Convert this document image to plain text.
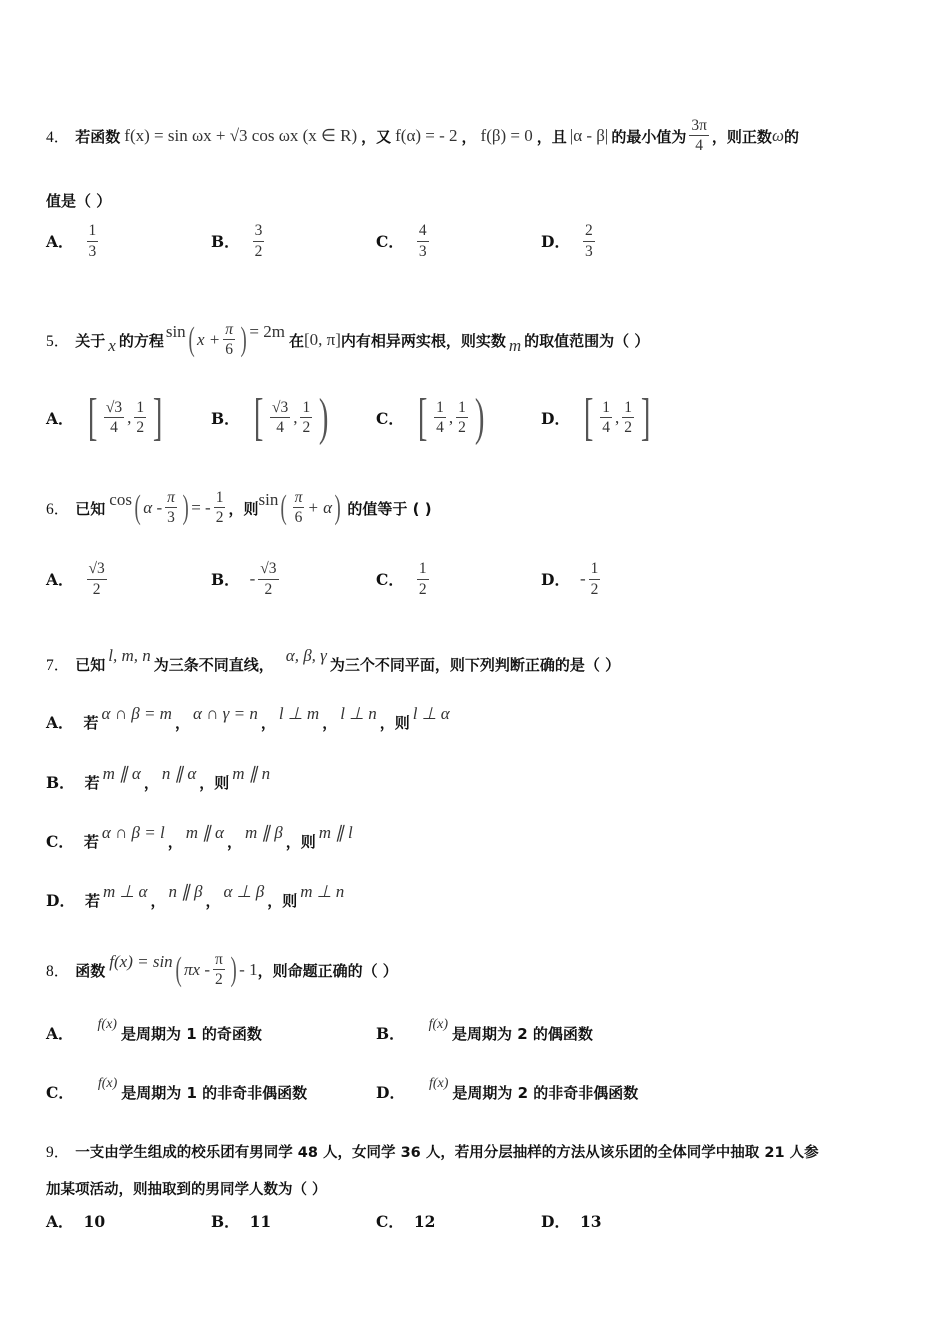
4． 若函数 f(x) = sin ωx + √3 cos ωx (x ∈ R) ，又 f(α) = - 2 ， f(β) = 0 ，且 |α - β| 的最小值为 $\frac{3\pi}{4}$ ，则正数 ω 的
值是（ ）
A． $\frac{1}{3}$	B． $\frac{3}{2}$	C． $\frac{4}{3}$	D． $\frac{2}{3}$
5． 关于 x 的方程 sin ( $x + \frac{\pi}{6}$ ) = 2m 在 [0, π] 内有相异两实根，则实数 m 的取值范围为（ ）
A． [ $\frac{√3}{4}$ , $\frac{1}{2}$ ]	B． [ $\frac{√3}{4}$ , $\frac{1}{2}$ )	C． [ $\frac{1}{4}$ , $\frac{1}{2}$ )	D． [ $\frac{1}{4}$ , $\frac{1}{2}$ ]
6． 已知 cos ( α - $\frac{\pi}{3}$ ) = - $\frac{1}{2}$ ，则 sin ( $\frac{\pi}{6} + \alpha$ ) 的值等于 ( )
A． $\frac{√3}{2}$	B． - $\frac{√3}{2}$	C． $\frac{1}{2}$	D． - $\frac{1}{2}$
7． 已知 l, m, n 为三条不同直线， α, β, γ 为三个不同平面，则下列判断正确的是（ ）
A． 若 α ∩ β = m ， α ∩ γ = n ， l ⊥ m ， l ⊥ n ，则 l ⊥ α
B． 若 m ∥ α ， n ∥ α ，则 m ∥ n
C． 若 α ∩ β = l ， m ∥ α ， m ∥ β ，则 m ∥ l
D． 若 m ⊥ α ， n ∥ β ， α ⊥ β ，则 m ⊥ n
8． 函数 f(x) = sin ( πx - $\frac{\pi}{2}$ ) - 1 ，则命题正确的（ ）
A． f(x) 是周期为 1 的奇函数	B． f(x) 是周期为 2 的偶函数
C． f(x) 是周期为 1 的非奇非偶函数	D． f(x) 是周期为 2 的非奇非偶函数
9． 一支由学生组成的校乐团有男同学 48 人，女同学 36 人，若用分层抽样的方法从该乐团的全体同学中抽取 21 人参
加某项活动，则抽取到的男同学人数为（ ）
A． 10	B． 11	C． 12	D． 13
